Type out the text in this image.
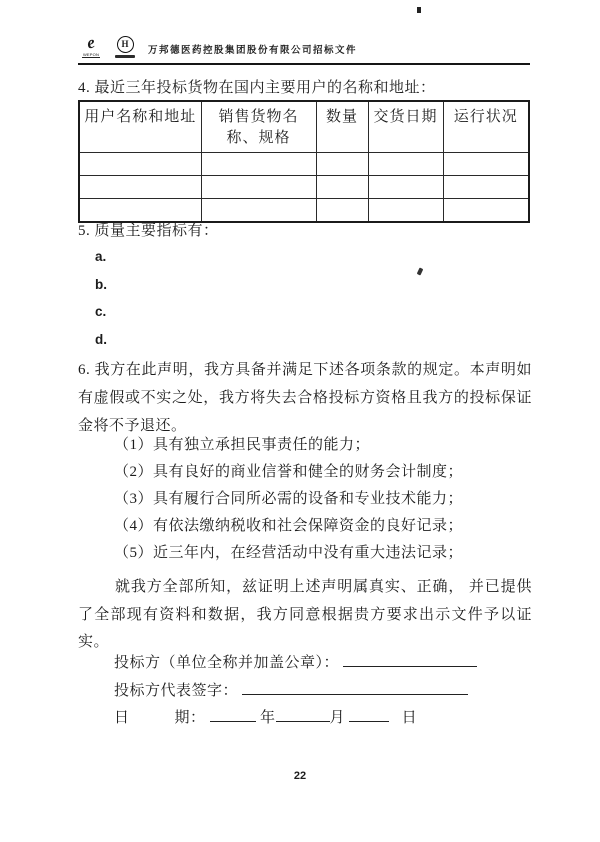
e
WEPON
H
万邦德医药控股集团股份有限公司招标文件
4. 最近三年投标货物在国内主要用户的名称和地址：
用户名称和地址	销售货物名称、规格	数量	交货日期	运行状况

5. 质量主要指标有：
a.
b.
c.
d.
6. 我方在此声明，我方具备并满足下述各项条款的规定。本声明如有虚假或不实之处，我方将失去合格投标方资格且我方的投标保证金将不予退还。
（1）具有独立承担民事责任的能力；
（2）具有良好的商业信誉和健全的财务会计制度；
（3）具有履行合同所必需的设备和专业技术能力；
（4）有依法缴纳税收和社会保障资金的良好记录；
（5）近三年内，在经营活动中没有重大违法记录；
就我方全部所知，兹证明上述声明属真实、正确， 并已提供了全部现有资料和数据，我方同意根据贵方要求出示文件予以证实。
投标方（单位全称并加盖公章）：
投标方代表签字：
日	期：	年	月	日
22
